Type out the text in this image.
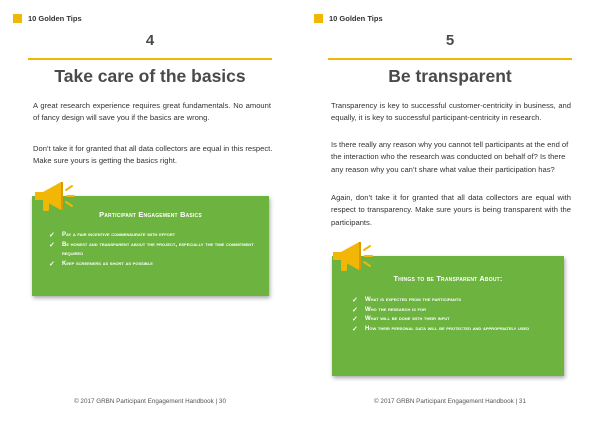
10 Golden Tips
4
Take care of the basics

A great research experience requires great fundamentals. No amount of fancy design will save you if the basics are wrong.

Don’t take it for granted that all data collectors are equal in this respect. Make sure yours is getting the basics right.

Participant Engagement Basics
✓ Pay a fair incentive commensurate with effort
✓ Be honest and transparent about the project, especially the time commitment required
✓ Keep screeners as short as possible
© 2017 GRBN Participant Engagement Handbook | 30
10 Golden Tips
5
Be transparent

Transparency is key to successful customer-centricity in business, and equally, it is key to successful participant-centricity in research.

Is there really any reason why you cannot tell participants at the end of the interaction who the research was conducted on behalf of? Is there any reason why you can’t share what value their participation has?

Again, don’t take it for granted that all data collectors are equal with respect to transparency. Make sure yours is being transparent with the participants.

Things to be Transparent About:
✓ What is expected from the participants
✓ Who the research is for
✓ What will be done with their input
✓ How their personal data will be protected and appropriately used
© 2017 GRBN Participant Engagement Handbook | 31
